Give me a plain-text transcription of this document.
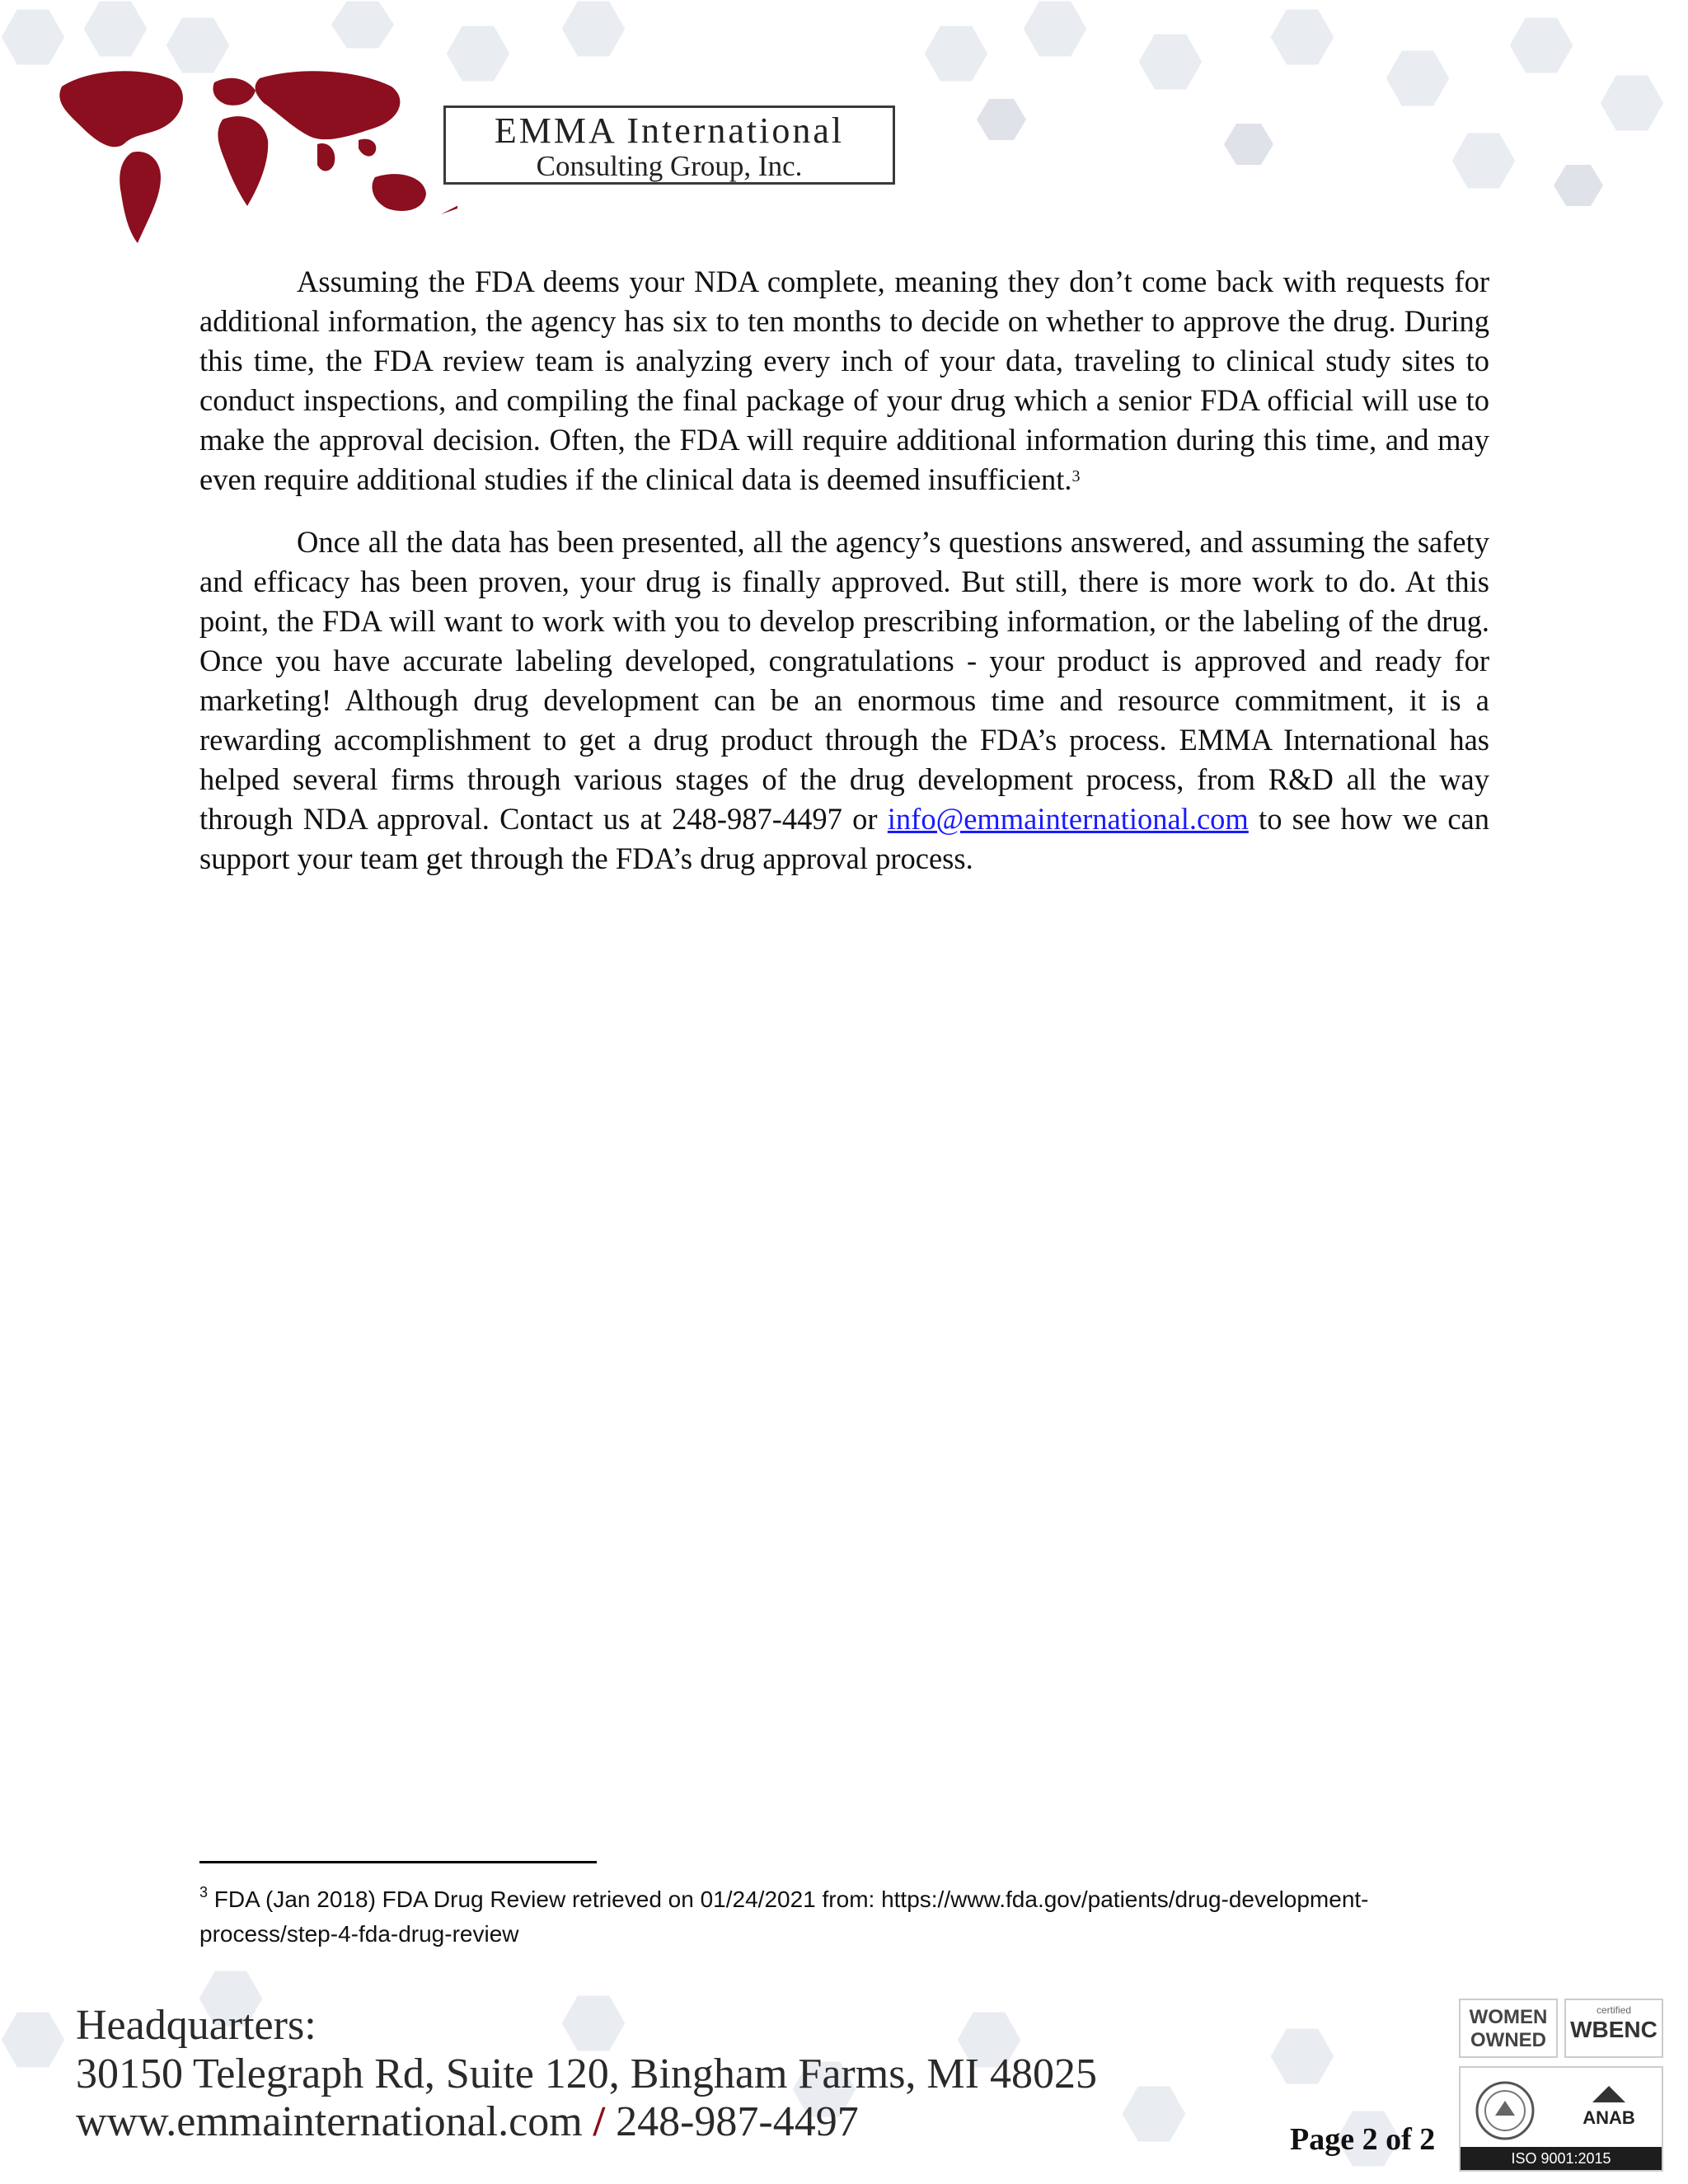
EMMA International
Consulting Group, Inc.

Assuming the FDA deems your NDA complete, meaning they don’t come back with requests for additional information, the agency has six to ten months to decide on whether to approve the drug. During this time, the FDA review team is analyzing every inch of your data, traveling to clinical study sites to conduct inspections, and compiling the final package of your drug which a senior FDA official will use to make the approval decision. Often, the FDA will require additional information during this time, and may even require additional studies if the clinical data is deemed insufficient.$^3$

Once all the data has been presented, all the agency’s questions answered, and assuming the safety and efficacy has been proven, your drug is finally approved. But still, there is more work to do. At this point, the FDA will want to work with you to develop prescribing information, or the labeling of the drug. Once you have accurate labeling developed, congratulations - your product is approved and ready for marketing! Although drug development can be an enormous time and resource commitment, it is a rewarding accomplishment to get a drug product through the FDA’s process. EMMA International has helped several firms through various stages of the drug development process, from R&D all the way through NDA approval. Contact us at 248-987-4497 or info@emmainternational.com to see how we can support your team get through the FDA’s drug approval process.

$^3$ FDA (Jan 2018) FDA Drug Review retrieved on 01/24/2021 from: https://www.fda.gov/patients/drug-development-process/step-4-fda-drug-review
Headquarters:
30150 Telegraph Rd, Suite 120, Bingham Farms, MI 48025
www.emmainternational.com / 248-987-4497	Page 2 of 2
WOMEN
OWNED
certified
WBENC
ANAB
ISO 9001:2015
